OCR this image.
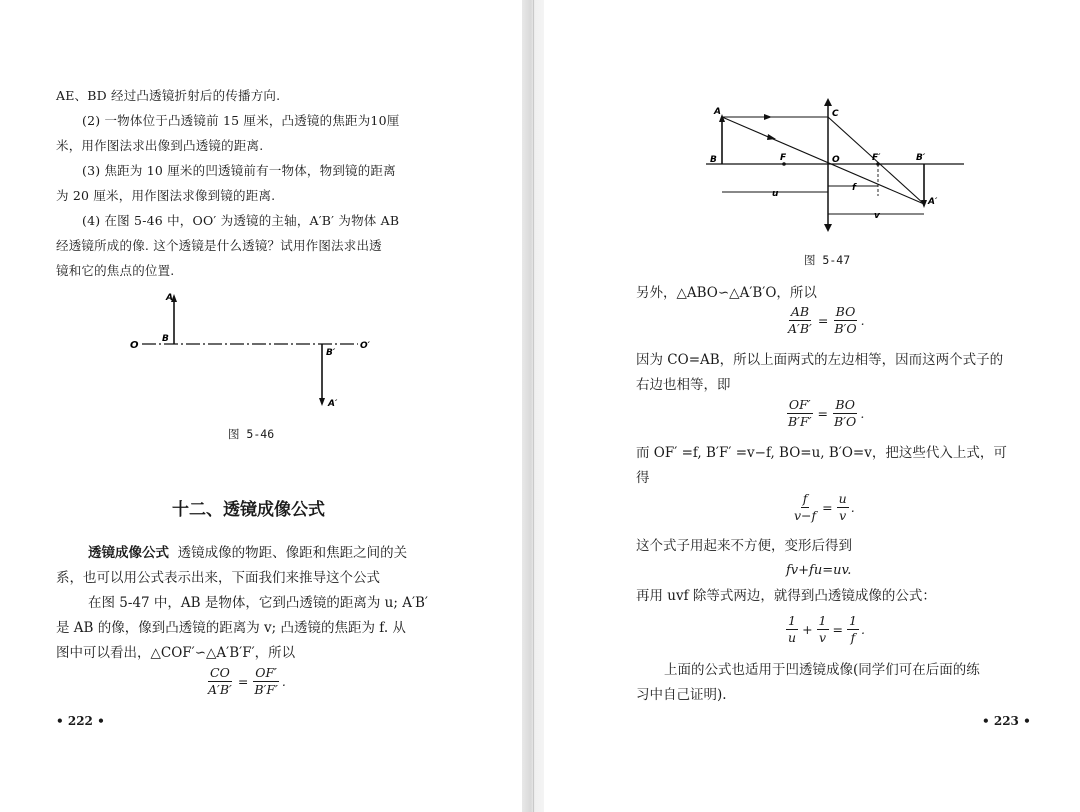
AE、BD 经过凸透镜折射后的传播方向.
(2) 一物体位于凸透镜前 15 厘米，凸透镜的焦距为10厘
米，用作图法求出像到凸透镜的距离.
(3) 焦距为 10 厘米的凹透镜前有一物体，物到镜的距离
为 20 厘米，用作图法求像到镜的距离.
(4) 在图 5-46 中，OO′ 为透镜的主轴，A′B′ 为物体 AB
经透镜所成的像. 这个透镜是什么透镜？试用作图法求出透
镜和它的焦点的位置.
O
B
A
B′
O′
A′
图 5-46
十二、透镜成像公式
透镜成像公式 透镜成像的物距、像距和焦距之间的关
系，也可以用公式表示出来，下面我们来推导这个公式
在图 5-47 中，AB 是物体，它到凸透镜的距离为 u; A′B′
是 AB 的像，像到凸透镜的距离为 v; 凸透镜的焦距为 f. 从
图中可以看出，△COF′∽△A′B′F′，所以
$\frac{CO}{A'B'} = \frac{OF'}{B'F'}$ .
• 222 •
A	C
B	F	O	F′	B′
A′
u
f
v
图 5-47
另外，△ABO∽△A′B′O，所以
$\frac{AB}{A'B'} = \frac{BO}{B'O}$ .
因为 CO=AB，所以上面两式的左边相等，因而这两个式子的
右边也相等，即
$\frac{OF'}{B'F'} = \frac{BO}{B'O}$ .
而 OF′ =f, B′F′ =v−f, BO=u, B′O=v，把这些代入上式，可
得
$\frac{f}{v-f} = \frac{u}{v}$ .
这个式子用起来不方便，变形后得到
fv+fu=uv.
再用 uvf 除等式两边，就得到凸透镜成像的公式：
1
u
+ $\frac{1}{v} = \frac{1}{f}$ .
上面的公式也适用于凹透镜成像(同学们可在后面的练
习中自己证明).
• 223 •
